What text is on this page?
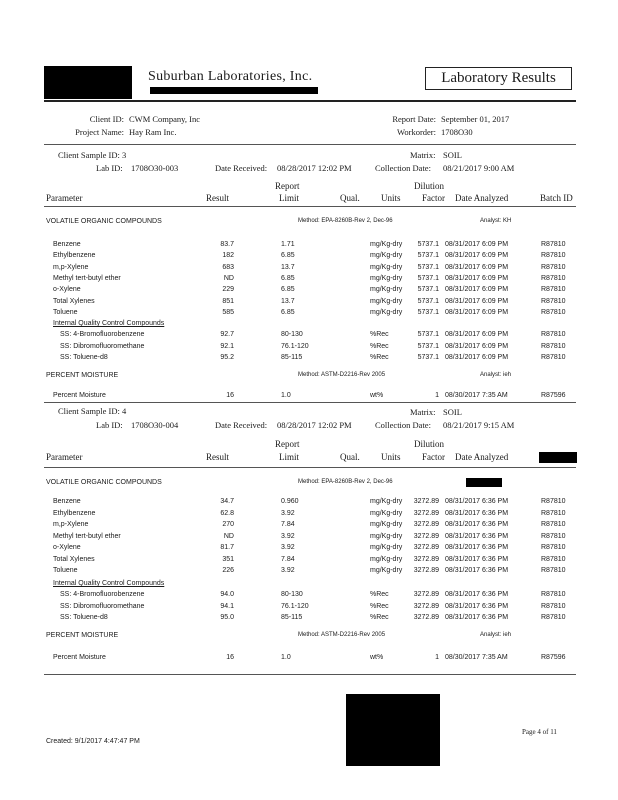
Suburban Laboratories, Inc.	Laboratory Results
Client ID: CWM Company, Inc
Project Name: Hay Ram Inc.
Report Date: September 01, 2017
Workorder: 1708O30
Client Sample ID: 3
Lab ID: 1708O30-003	Date Received: 08/28/2017 12:02 PM
Matrix: SOIL
Collection Date: 08/21/2017 9:00 AM
Report	Dilution
Parameter	Result	Limit	Qual. Units Factor Date Analyzed	Batch ID
VOLATILE ORGANIC COMPOUNDS	Method: EPA-8260B-Rev 2, Dec-96	Analyst: KH
Benzene	83.7	1.71	mg/Kg-dry	5737.1 08/31/2017 6:09 PM	R87810
Ethylbenzene	182	6.85	mg/Kg-dry	5737.1 08/31/2017 6:09 PM	R87810
m,p-Xylene	683	13.7	mg/Kg-dry	5737.1 08/31/2017 6:09 PM	R87810
Methyl tert-butyl ether	ND	6.85	mg/Kg-dry	5737.1 08/31/2017 6:09 PM	R87810
o-Xylene	229	6.85	mg/Kg-dry	5737.1 08/31/2017 6:09 PM	R87810
Total Xylenes	851	13.7	mg/Kg-dry	5737.1 08/31/2017 6:09 PM	R87810
Toluene	585	6.85	mg/Kg-dry	5737.1 08/31/2017 6:09 PM	R87810
Internal Quality Control Compounds
SS: 4-Bromofluorobenzene	92.7	80-130	%Rec	5737.1 08/31/2017 6:09 PM	R87810
SS: Dibromofluoromethane	92.1	76.1-120	%Rec	5737.1 08/31/2017 6:09 PM	R87810
SS: Toluene-d8	95.2	85-115	%Rec	5737.1 08/31/2017 6:09 PM	R87810
PERCENT MOISTURE	Method: ASTM-D2216-Rev 2005	Analyst: ieh
Percent Moisture	16	1.0	wt%	1 08/30/2017 7:35 AM	R87596
Client Sample ID: 4
Lab ID: 1708O30-004	Date Received: 08/28/2017 12:02 PM
Matrix: SOIL
Collection Date: 08/21/2017 9:15 AM
Report	Dilution
Parameter	Result	Limit	Qual. Units Factor Date Analyzed
VOLATILE ORGANIC COMPOUNDS	Method: EPA-8260B-Rev 2, Dec-96
Benzene	34.7	0.960	mg/Kg-dry	3272.89 08/31/2017 6:36 PM	R87810
Ethylbenzene	62.8	3.92	mg/Kg-dry	3272.89 08/31/2017 6:36 PM	R87810
m,p-Xylene	270	7.84	mg/Kg-dry	3272.89 08/31/2017 6:36 PM	R87810
Methyl tert-butyl ether	ND	3.92	mg/Kg-dry	3272.89 08/31/2017 6:36 PM	R87810
o-Xylene	81.7	3.92	mg/Kg-dry	3272.89 08/31/2017 6:36 PM	R87810
Total Xylenes	351	7.84	mg/Kg-dry	3272.89 08/31/2017 6:36 PM	R87810
Toluene	226	3.92	mg/Kg-dry	3272.89 08/31/2017 6:36 PM	R87810
Internal Quality Control Compounds
SS: 4-Bromofluorobenzene	94.0	80-130	%Rec	3272.89 08/31/2017 6:36 PM	R87810
SS: Dibromofluoromethane	94.1	76.1-120	%Rec	3272.89 08/31/2017 6:36 PM	R87810
SS: Toluene-d8	95.0	85-115	%Rec	3272.89 08/31/2017 6:36 PM	R87810
PERCENT MOISTURE	Method: ASTM-D2216-Rev 2005	Analyst: ieh
Percent Moisture	16	1.0	wt%	1 08/30/2017 7:35 AM	R87596
Created: 9/1/2017 4:47:47 PM
Page 4 of 11
